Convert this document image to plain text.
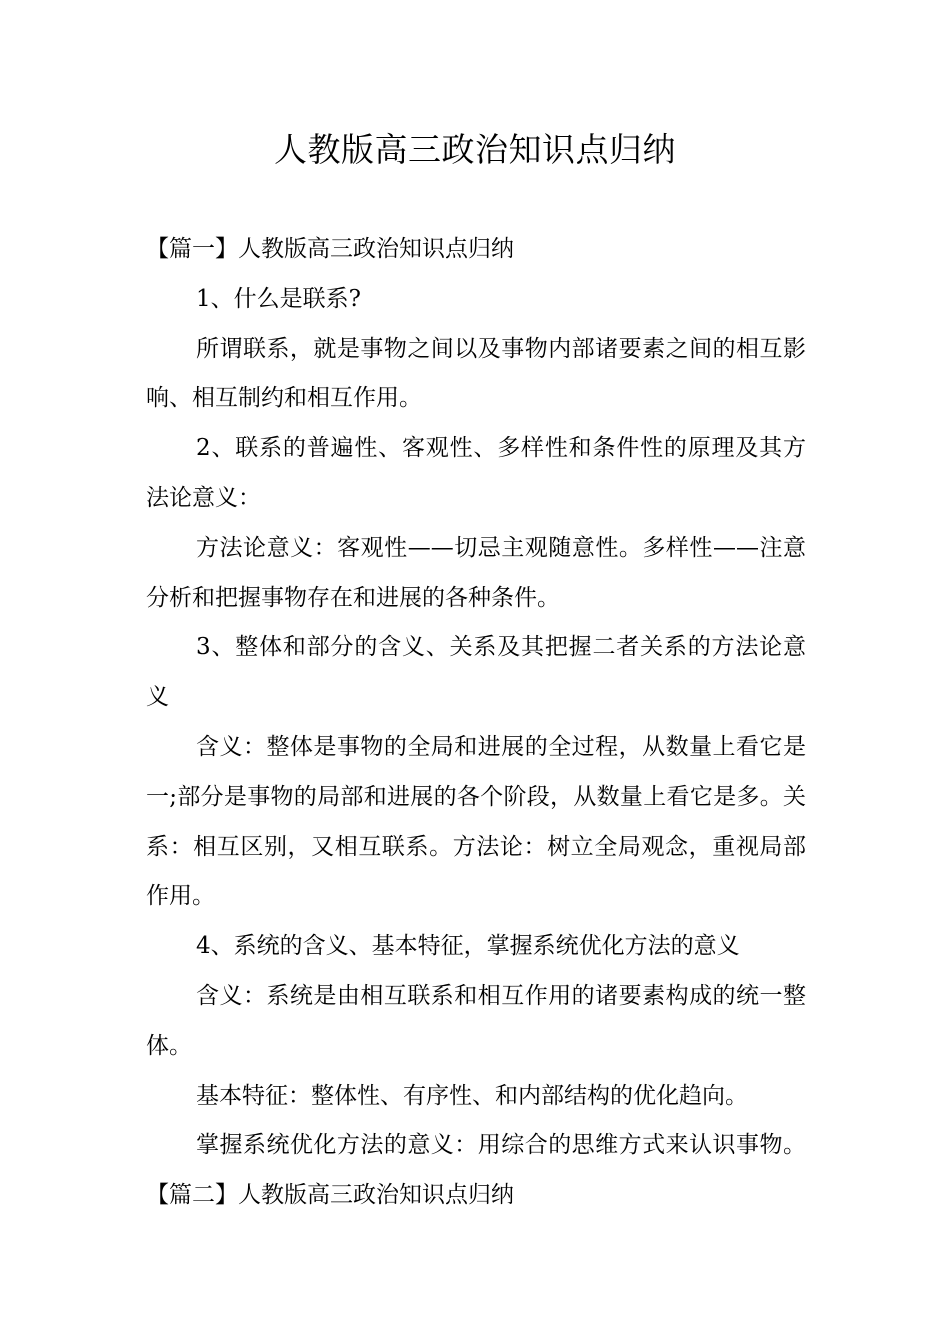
人教版高三政治知识点归纳

【篇一】人教版高三政治知识点归纳

1、什么是联系?

所谓联系，就是事物之间以及事物内部诸要素之间的相互影响、相互制约和相互作用。

2、联系的普遍性、客观性、多样性和条件性的原理及其方法论意义：

方法论意义：客观性——切忌主观随意性。多样性——注意分析和把握事物存在和进展的各种条件。

3、整体和部分的含义、关系及其把握二者关系的方法论意义

含义：整体是事物的全局和进展的全过程，从数量上看它是一;部分是事物的局部和进展的各个阶段，从数量上看它是多。关系：相互区别，又相互联系。方法论：树立全局观念，重视局部作用。

4、系统的含义、基本特征，掌握系统优化方法的意义

含义：系统是由相互联系和相互作用的诸要素构成的统一整体。

基本特征：整体性、有序性、和内部结构的优化趋向。

掌握系统优化方法的意义：用综合的思维方式来认识事物。【篇二】人教版高三政治知识点归纳
